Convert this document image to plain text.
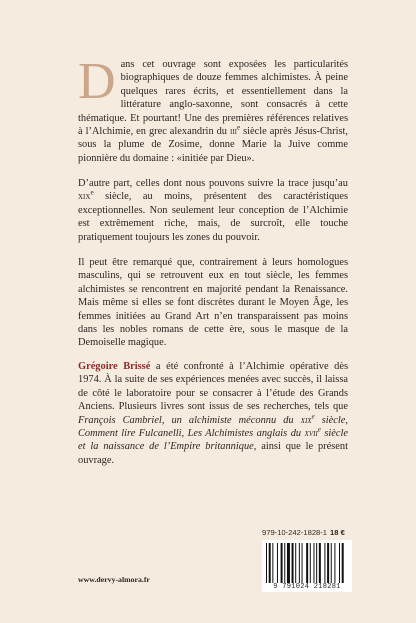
Dans cet ouvrage sont exposées les particularités biographiques de douze femmes alchimistes. À peine quelques rares écrits, et essentiellement dans la littérature anglo-saxonne, sont consacrés à cette thématique. Et pourtant! Une des premières références relatives à l’Alchimie, en grec alexandrin du iii$^e$ siècle après Jésus-Christ, sous la plume de Zosime, donne Marie la Juive comme pionnière du domaine : «initiée par Dieu».
D’autre part, celles dont nous pouvons suivre la trace jusqu’au xix$^e$ siècle, au moins, présentent des caractéristiques exceptionnelles. Non seulement leur conception de l’Alchimie est extrêmement riche, mais, de surcroît, elle touche pratiquement toujours les zones du pouvoir.
Il peut être remarqué que, contrairement à leurs homologues masculins, qui se retrouvent eux en tout siècle, les femmes alchimistes se rencontrent en majorité pendant la Renaissance. Mais même si elles se font discrètes durant le Moyen Âge, les femmes initiées au Grand Art n’en transparaissent pas moins dans les nobles romans de cette ère, sous le masque de la Demoiselle magique.
Grégoire Brissé a été confronté à l’Alchimie opérative dès 1974. À la suite de ses expériences menées avec succès, il laissa de côté le laboratoire pour se consacrer à l’étude des Grands Anciens. Plusieurs livres sont issus de ses recherches, tels que François Cambriel, un alchimiste méconnu du xix$^e$ siècle, Comment lire Fulcanelli, Les Alchimistes anglais du xvii$^e$ siècle et la naissance de l’Empire britannique, ainsi que le présent ouvrage.
979-10-242-1828-1 18 €
9 791024 218281
www.dervy-almora.fr
